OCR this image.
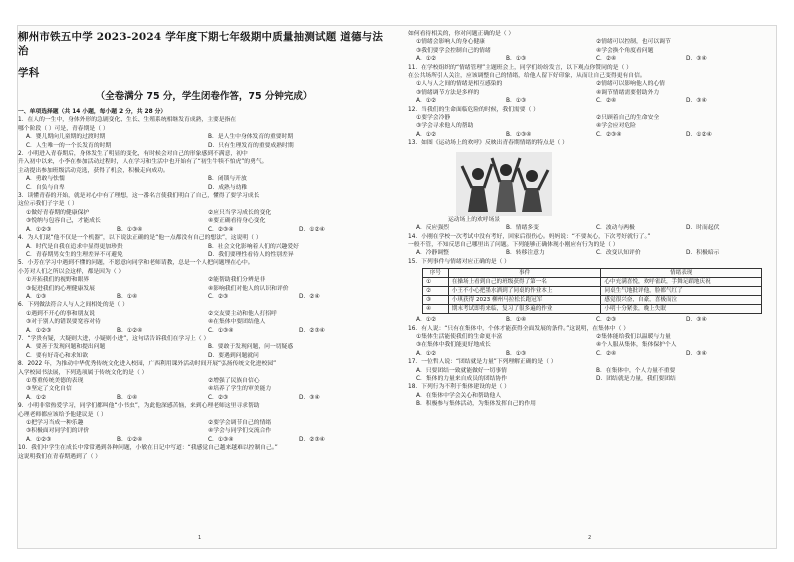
柳州市铁五中学 2023-2024 学年度下期七年级期中质量抽测试题 道德与法治
学科
（全卷满分 75 分，学生闭卷作答，75 分钟完成）
一、单项选择题（共 14 小题，每小题 2 分，共 28 分）
1．在人的一生中，身体外形的急剧变化、生长、生殖系统相继发育成熟，主要是指在
哪个阶段（ ）可是，青春期是（ ）
A．婴儿期向儿童期的过渡时期	B．是人生中身体发育的重要时期
C．人生唯一的一个长发育的时期	D．只有生理发育的重要成熟时期
2．小明进入青春期后，身体发生了明显的变化，有时候会对自己的形象感到不满意，初中
升入初中以来，小李在参加活动过程时，人在学习和生活中也开始有了“初生牛犊不怕虎”的勇气。
主动提出参加班级活动竞选，获得了机会，积极走向成功。
A．勇敢与怯懦	B．闭锁与开放
C．自负与自卑	D．成熟与幼稚
3．读懂青春的开始，就是对心中有了理想，这一番名言使我们明白了自己，懂得了要学习成长
这位示我们子字是（ ）
①做好青春期的健康保护	②应只当学习成长的变化
③悦纳与包容自己，才能成长	④要正确看待身心变化
A．①②③	B．①③④	C．②③④	D．①②④
4．为人们说“他不仅是一个机器”，以下说法正确的是“他一点都没有自己的想法”，这说明（ ）
A．时代是自我在追求中显得更加珍贵	B．社会文化影响着人们的兴趣爱好
C．青春期男女生的生理差异不可避免	D．我们要理性看待人的性别差异
5．小芳在学习中遇到不懂的问题，不愿意向同学和老师请教，总是一个人把问题埋在心中。
小芳对人们之所以会这样，都是因为（ ）
①开拓我们的视野和眼界	②能帮助我们分辨是非
③促进我们的心理健康发展	④影响我们对他人的认识和评价
A．①③	B．①④	C．②③	D．②④
6．下列做法符合人与人之间相处的是（ ）
①遇到不开心的事和朋友说	②交友要主动和他人打招呼
③对于别人的错误要宽容对待	④在集体中要团结他人
A．①②③	B．①②④	C．①③④	D．②③④
7．“学贵有疑，大疑则大进，小疑则小进”，这句话告诉我们在学习上（ ）
A．要善于发现问题和提出问题	B．要敢于发现问题，问一切疑惑
C．要有好奇心和求知欲	D．要遇到问题就问
8．2022 年，为推动中华优秀传统文化进入校园，广西利用课外活动时间开展“弘扬传统文化进校园”
入学校园书法展，下列选项属于传统文化的是（ ）
①尊重传统美德的表现	②增强了民族自信心
③坚定了文化自信	④培养了学生的审美能力
A．①②	B．①④	C．②③	D．③④
9．小明非常热爱学习，同学们都叫他“小书虫”，为此他深感苦恼，来到心理老师这里寻求帮助
心理老师都应该给予他建议是（ ）
①把学习当成一种乐趣	②要学会调节自己的情绪
③积极面对同学们的评价	④学会与同学们交流合作
A．①②③	B．①②④	C．①③④	D．②③④
10．我们中学生在成长中常常遇到各种问题，小敏在日记中写道：“我感觉自己越来越难以控制自己。”
这说明我们在青春期遇到了（ ）
1
如何看待相关的，你对问题正确的是（ ）
①情绪会影响人的身心健康	②情绪可以控制，也可以调节
③我们要学会控制自己的情绪	④学会换个角度看问题
A．①②	B．①③	C．②④	D．③④
11．在学校组织的“情绪管理”主题班会上，同学们纷纷发言，以下观点你赞同的是（ ）
在公共场所引人关注，应该调整自己的情绪，给他人留下好印象，从而让自己变得更有自信。
①人与人之间的情绪是相互感染的	②情绪可以影响他人的心情
③情绪调节方法是多样的	④调节情绪需要借助外力
A．①②	B．①③	C．②④	D．③④
12．当我们的生命面临危险的时候，我们需要（ ）
①要学会冷静	②只顾着自己的生命安全
③学会寻求他人的帮助	④学会应对危险
A．①②	B．①③④	C．②③④	D．①②④
13．如图《运动场上的欢呼》反映出青春期情绪的特点是（ ）
运动场上的欢呼场景
A．反应强烈	B．情绪多变	C．波动与两极	D．时而起伏
14．小刚在学校一次考试中没有考好，回家后很伤心。妈妈说：“不要灰心，下次考好就行了。”
一般不管，不知反思自己哪里出了问题。下列能够正确体现小刚应有行为的是（ ）
A．冷静调整	B．转移注意力	C．改变认知评价	D．积极暗示
15．下列事件与情绪对应正确的是（ ）
序号	事件	情绪表现
①	在操场上看到自己的班级获得了第一名	心中充满喜悦，欢呼雀跃，手舞足蹈地庆祝
②	小王不小心把墨水洒到了同桌的作业本上	同桌生气地批评他，脸都气红了
③	小琪获得 2023 柳州马拉松长跑冠军	感觉很兴奋，自豪，喜极而泣
④	期末考试即将来临，复习了很多遍的作业	小明十分紧张，晚上失眠
A．①②	B．①④	C．②③	D．③④
16．有人说：“只有在集体中，个体才能获得全面发展的条件。”这说明，在集体中（ ）
①集体生活能使我们的生命更丰富	②集体能给我们以温暖与力量
③在集体中我们能更好地成长	④个人服从集体，集体保护个人
A．①②	B．①③	C．②④	D．③④
17．一位哲人说：“团结就是力量”下列理解正确的是（ ）
A．只要团结一致就能做好一切事情	B．在集体中，个人力量不重要
C．集体的力量来自成员的团结协作	D．团结就是力量，我们要团结
18．下列行为不利于集体建设的是（ ）
A．在集体中学会关心和帮助他人
B．积极参与集体活动，为集体发挥自己的作用
2
